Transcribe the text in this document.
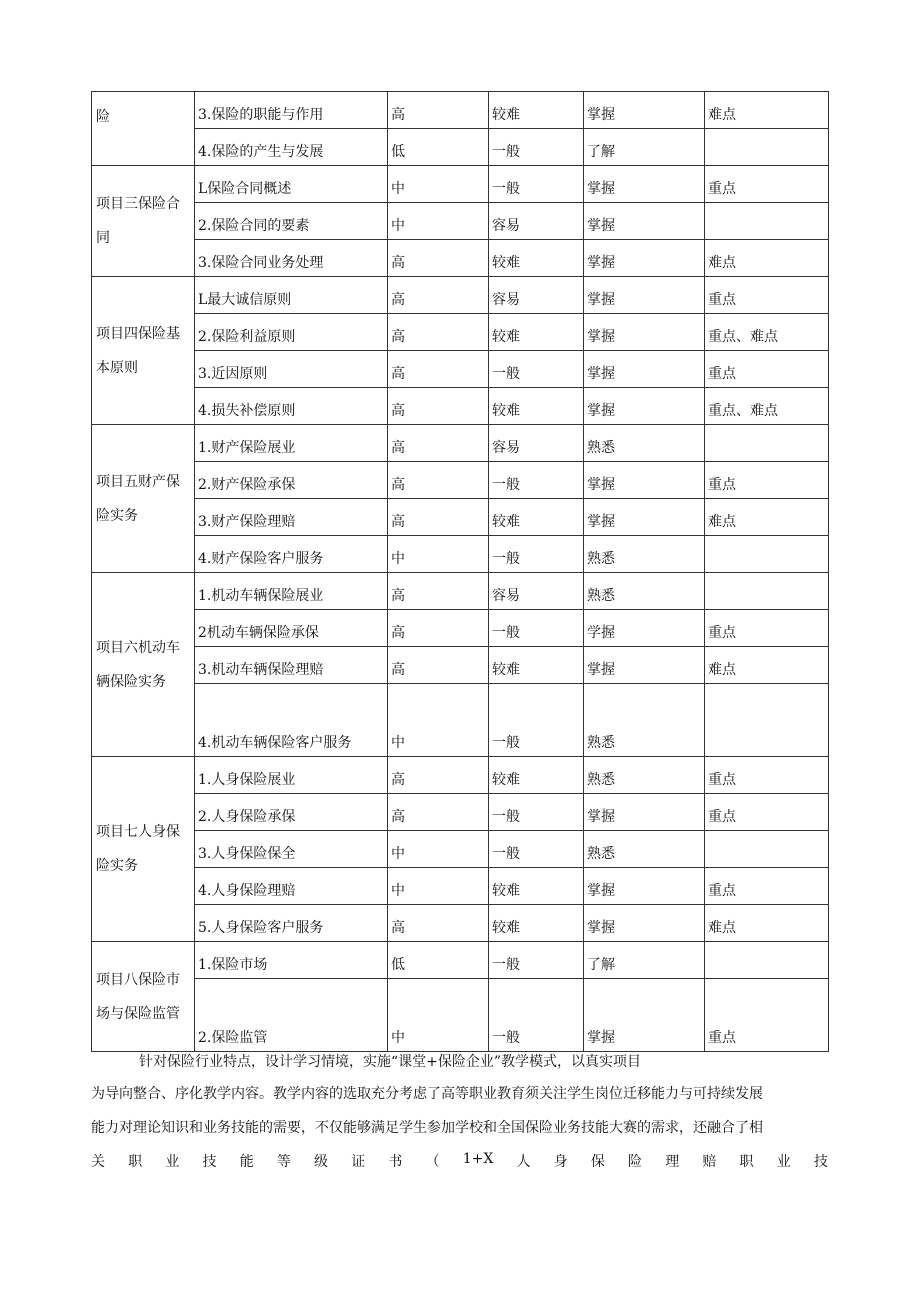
险	3.保险的职能与作用	高	较难	掌握	难点
	4.保险的产生与发展	低	一般	了解	
项目三保险合同	L保险合同概述	中	一般	掌握	重点
	2.保险合同的要素	中	容易	掌握	
	3.保险合同业务处理	高	较难	掌握	难点
项目四保险基本原则	L最大诚信原则	高	容易	掌握	重点
	2.保险利益原则	高	较难	掌握	重点、难点
	3.近因原则	高	一般	掌握	重点
	4.损失补偿原则	高	较难	掌握	重点、难点
项目五财产保险实务	1.财产保险展业	高	容易	熟悉	
	2.财产保险承保	高	一般	掌握	重点
	3.财产保险理赔	高	较难	掌握	难点
	4.财产保险客户服务	中	一般	熟悉	
项目六机动车辆保险实务	1.机动车辆保险展业	高	容易	熟悉	
	2机动车辆保险承保	高	一般	学握	重点
	3.机动车辆保险理赔	高	较难	掌握	难点
	4.机动车辆保险客户服务	中	一般	熟悉	
项目七人身保险实务	1.人身保险展业	高	较难	熟悉	重点
	2.人身保险承保	高	一般	掌握	重点
	3.人身保险保全	中	一般	熟悉	
	4.人身保险理赔	中	较难	掌握	重点
	5.人身保险客户服务	高	较难	掌握	难点
项目八保险市场与保险监管	1.保险市场	低	一般	了解	
	2.保险监管	中	一般	掌握	重点

针对保险行业特点，设计学习情境，实施“课堂+保险企业”教学模式，以真实项目

为导向整合、序化教学内容。教学内容的选取充分考虑了高等职业教育须关注学生岗位迁移能力与可持续发展

能力对理论知识和业务技能的需要，不仅能够满足学生参加学校和全国保险业务技能大赛的需求，还融合了相

关 职 业 技 能 等 级 证 书 （ 1+X 人 身 保 险 理 赔 职 业 技
